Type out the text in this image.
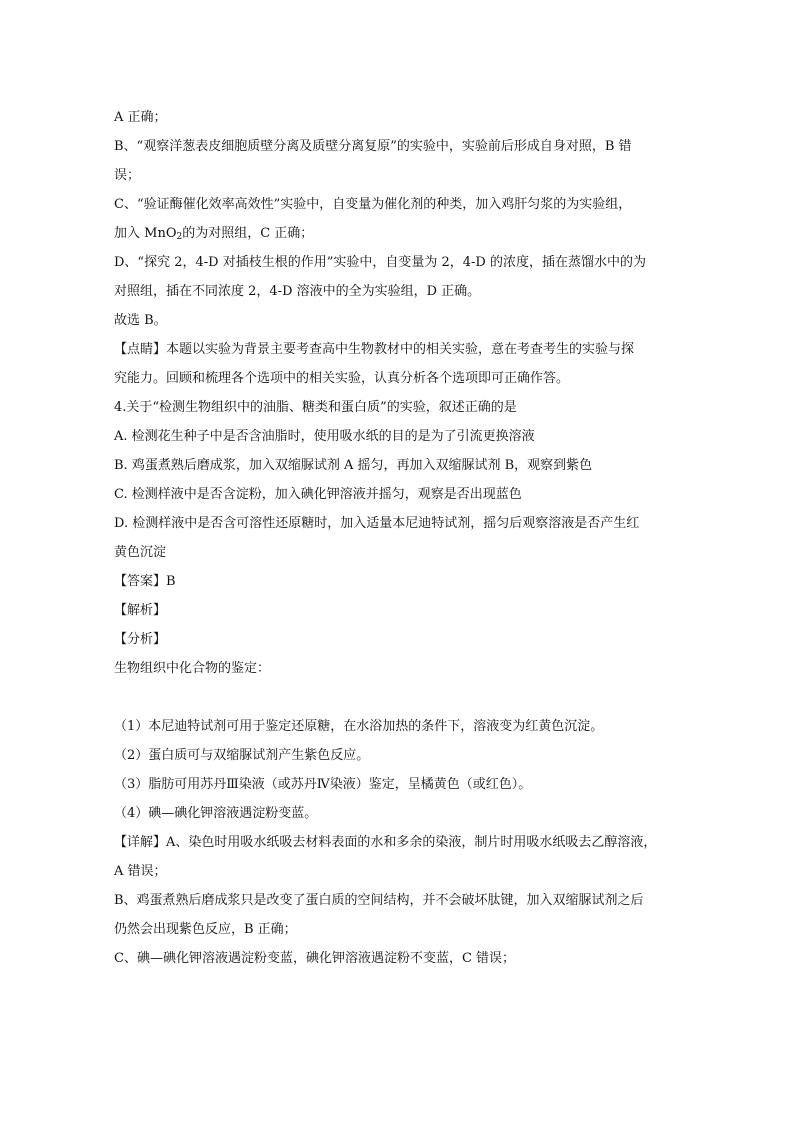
A 正确；
B、“观察洋葱表皮细胞质壁分离及质壁分离复原”的实验中，实验前后形成自身对照，B 错
误；
C、“验证酶催化效率高效性”实验中，自变量为催化剂的种类，加入鸡肝匀浆的为实验组，
加入 MnO$_2$的为对照组，C 正确；
D、“探究 2，4-D 对插枝生根的作用”实验中，自变量为 2，4-D 的浓度，插在蒸馏水中的为
对照组，插在不同浓度 2，4-D 溶液中的全为实验组，D 正确。
故选 B。
【点睛】本题以实验为背景主要考查高中生物教材中的相关实验，意在考查考生的实验与探
究能力。回顾和梳理各个选项中的相关实验，认真分析各个选项即可正确作答。
4.关于“检测生物组织中的油脂、糖类和蛋白质”的实验，叙述正确的是
A. 检测花生种子中是否含油脂时，使用吸水纸的目的是为了引流更换溶液
B. 鸡蛋煮熟后磨成浆，加入双缩脲试剂 A 摇匀，再加入双缩脲试剂 B，观察到紫色
C. 检测样液中是否含淀粉，加入碘化钾溶液并摇匀，观察是否出现蓝色
D. 检测样液中是否含可溶性还原糖时，加入适量本尼迪特试剂，摇匀后观察溶液是否产生红
黄色沉淀
【答案】B
【解析】
【分析】
生物组织中化合物的鉴定：
（1）本尼迪特试剂可用于鉴定还原糖，在水浴加热的条件下，溶液变为红黄色沉淀。
（2）蛋白质可与双缩脲试剂产生紫色反应。
（3）脂肪可用苏丹Ⅲ染液（或苏丹Ⅳ染液）鉴定，呈橘黄色（或红色）。
（4）碘—碘化钾溶液遇淀粉变蓝。
【详解】A、染色时用吸水纸吸去材料表面的水和多余的染液，制片时用吸水纸吸去乙醇溶液，
A 错误；
B、鸡蛋煮熟后磨成浆只是改变了蛋白质的空间结构，并不会破坏肽键，加入双缩脲试剂之后
仍然会出现紫色反应，B 正确；
C、碘—碘化钾溶液遇淀粉变蓝，碘化钾溶液遇淀粉不变蓝，C 错误；
